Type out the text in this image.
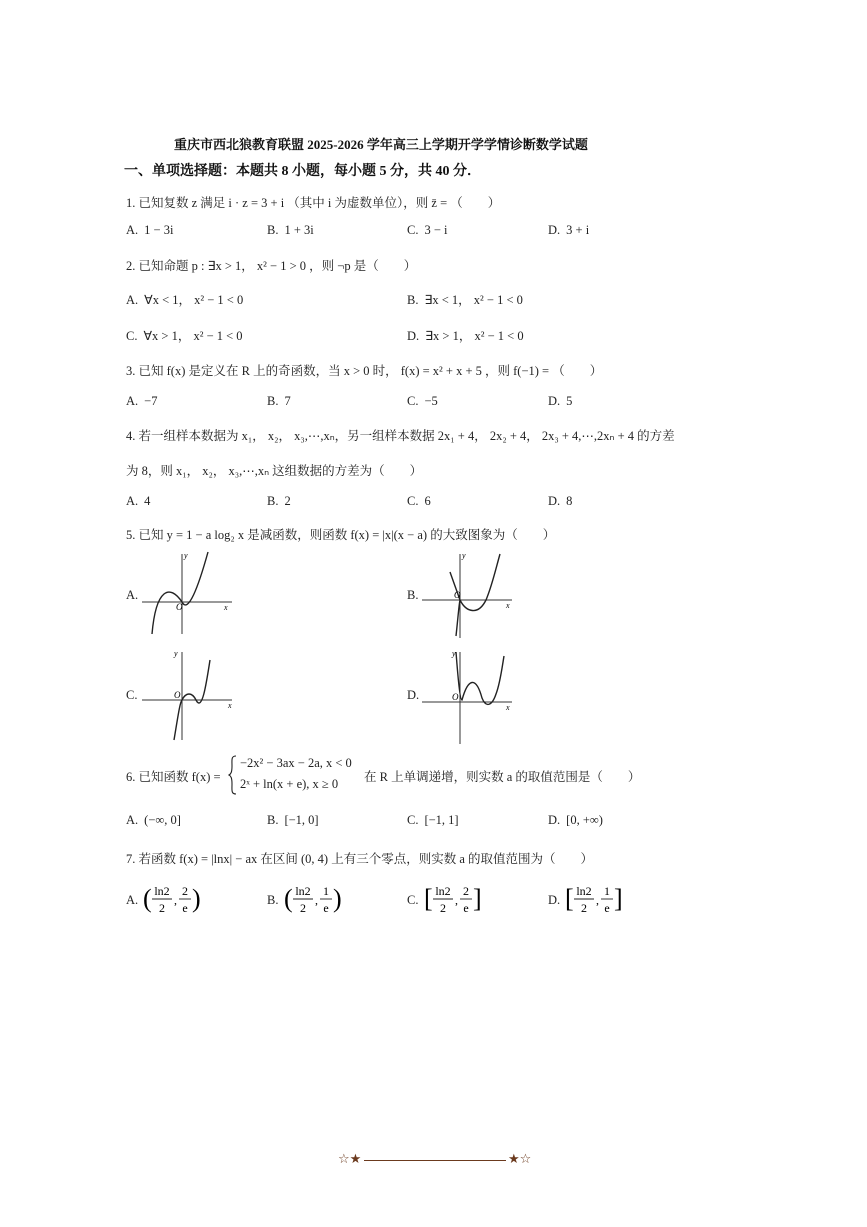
重庆市西北狼教育联盟 2025-2026 学年高三上学期开学学情诊断数学试题
一、单项选择题：本题共 8 小题，每小题 5 分，共 40 分．
1. 已知复数 z 满足 i · z = 3 + i （其中 i 为虚数单位），则 z̄ = （　　）
A. 1 − 3i	B. 1 + 3i	C. 3 − i	D. 3 + i
2. 已知命题 p : ∃x > 1， x² − 1 > 0 ，则 ¬p 是（　　）
A. ∀x < 1， x² − 1 < 0	B. ∃x < 1， x² − 1 < 0
C. ∀x > 1， x² − 1 < 0	D. ∃x > 1， x² − 1 < 0
3. 已知 f(x) 是定义在 R 上的奇函数，当 x > 0 时， f(x) = x² + x + 5 ，则 f(−1) = （　　）
A. −7	B. 7	C. −5	D. 5
4. 若一组样本数据为 x₁， x₂， x₃,⋯,xₙ，另一组样本数据 2x₁ + 4， 2x₂ + 4， 2x₃ + 4,⋯,2xₙ + 4 的方差
为 8，则 x₁， x₂， x₃,⋯,xₙ 这组数据的方差为（　　）
A. 4	B. 2	C. 6	D. 8
5. 已知 y = 1 − a log₂ x 是减函数，则函数 f(x) = |x|(x − a) 的大致图象为（　　）
A.
O	x
y
B.	O
x
y
C.	O
x
y
D.	O
x
y
6. 已知函数 f(x) =
−2x² − 3ax − 2a, x < 0
2ˣ + ln(x + e), x ≥ 0 在 R 上单调递增，则实数 a 的取值范围是（　　）
A. (−∞, 0]	B. [−1, 0]	C. [−1, 1]	D. [0, +∞)
7. 若函数 f(x) = |lnx| − ax 在区间 (0, 4) 上有三个零点，则实数 a 的取值范围为（　　）
A. ( ln2
2
,
2
e )	B. ( ln2
2
,
1
e )	C. [ ln2
2
,
2
e ]	D. [ ln2
2
,
1
e ]
☆★	★☆
